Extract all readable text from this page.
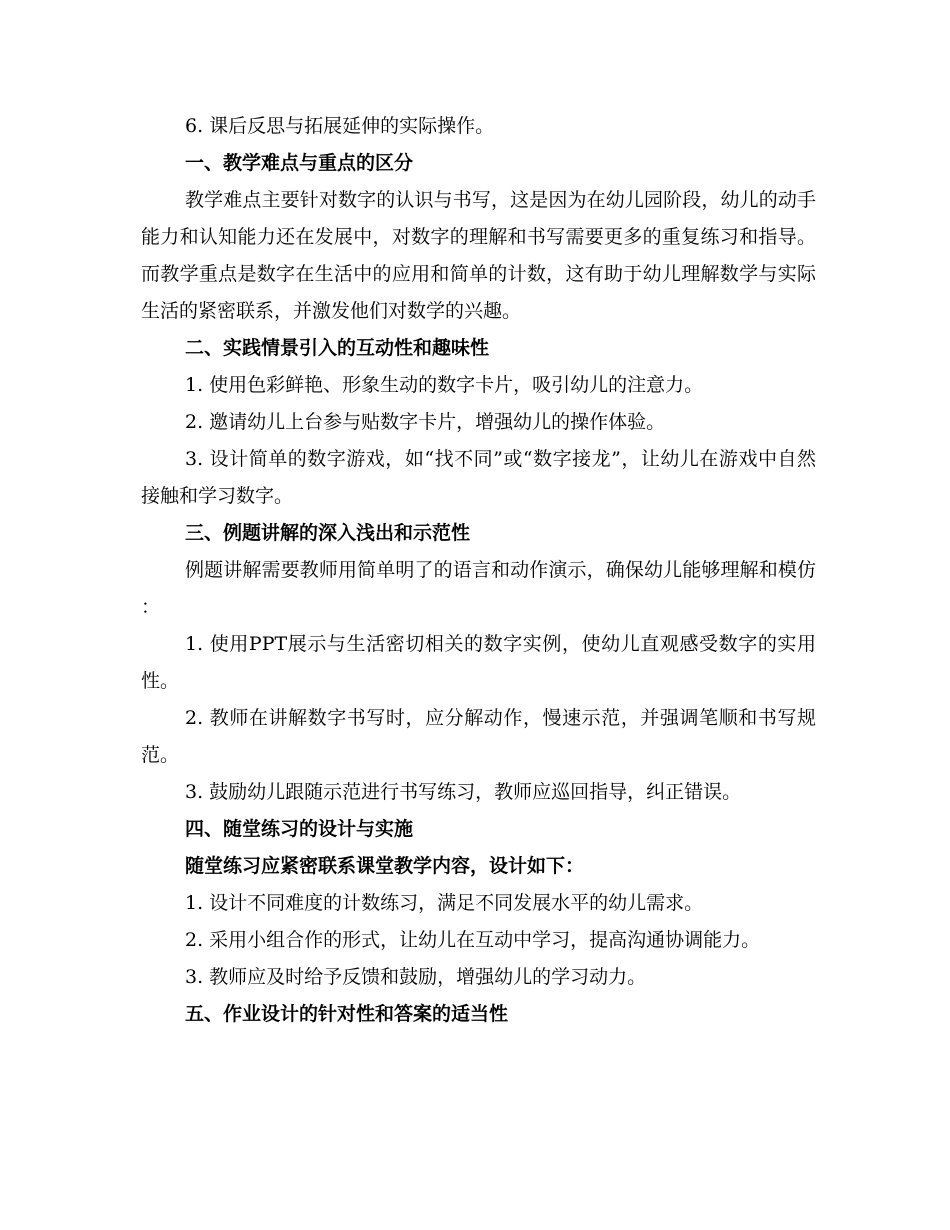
6. 课后反思与拓展延伸的实际操作。

一、教学难点与重点的区分

教学难点主要针对数字的认识与书写，这是因为在幼儿园阶段，幼儿的动手能力和认知能力还在发展中，对数字的理解和书写需要更多的重复练习和指导。而教学重点是数字在生活中的应用和简单的计数，这有助于幼儿理解数学与实际生活的紧密联系，并激发他们对数学的兴趣。

二、实践情景引入的互动性和趣味性

1. 使用色彩鲜艳、形象生动的数字卡片，吸引幼儿的注意力。

2. 邀请幼儿上台参与贴数字卡片，增强幼儿的操作体验。

3. 设计简单的数字游戏，如“找不同”或“数字接龙”，让幼儿在游戏中自然接触和学习数字。

三、例题讲解的深入浅出和示范性

例题讲解需要教师用简单明了的语言和动作演示，确保幼儿能够理解和模仿：

1. 使用PPT展示与生活密切相关的数字实例，使幼儿直观感受数字的实用性。

2. 教师在讲解数字书写时，应分解动作，慢速示范，并强调笔顺和书写规范。

3. 鼓励幼儿跟随示范进行书写练习，教师应巡回指导，纠正错误。

四、随堂练习的设计与实施

随堂练习应紧密联系课堂教学内容，设计如下：

1. 设计不同难度的计数练习，满足不同发展水平的幼儿需求。

2. 采用小组合作的形式，让幼儿在互动中学习，提高沟通协调能力。

3. 教师应及时给予反馈和鼓励，增强幼儿的学习动力。

五、作业设计的针对性和答案的适当性
